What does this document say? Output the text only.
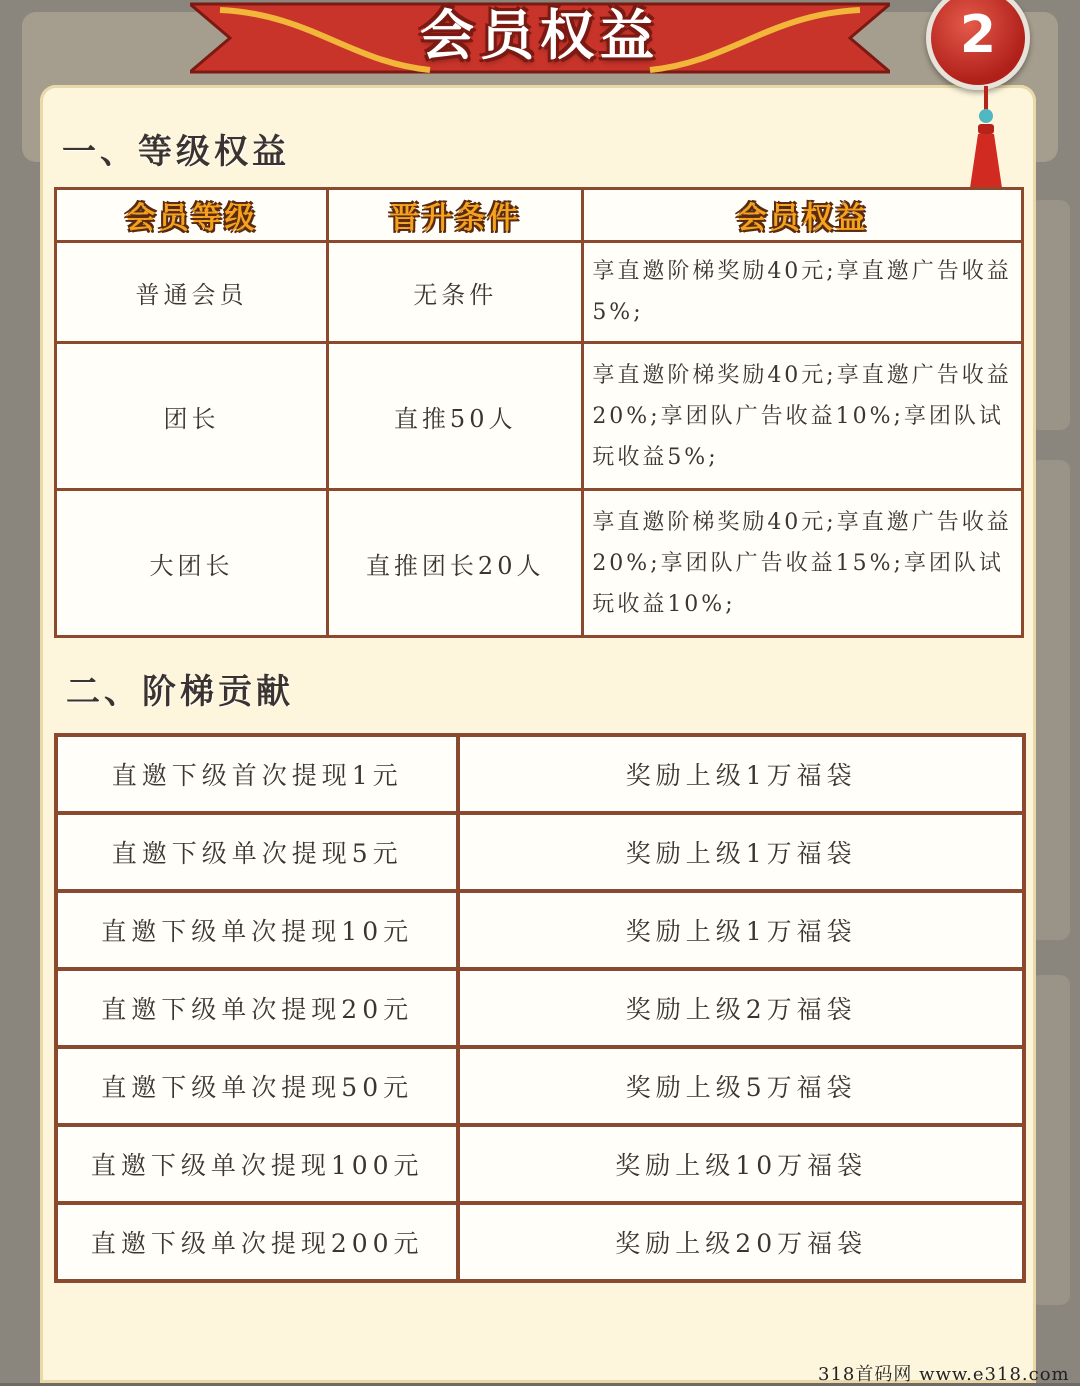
会员权益	2
一、等级权益
会员等级	晋升条件	会员权益
普通会员	无条件	享直邀阶梯奖励40元;享直邀广告收益5%;
团长	直推50人	享直邀阶梯奖励40元;享直邀广告收益20%;享团队广告收益10%;享团队试玩收益5%;
大团长	直推团长20人	享直邀阶梯奖励40元;享直邀广告收益20%;享团队广告收益15%;享团队试玩收益10%;
二、阶梯贡献
直邀下级首次提现1元	奖励上级1万福袋
直邀下级单次提现5元	奖励上级1万福袋
直邀下级单次提现10元	奖励上级1万福袋
直邀下级单次提现20元	奖励上级2万福袋
直邀下级单次提现50元	奖励上级5万福袋
直邀下级单次提现100元	奖励上级10万福袋
直邀下级单次提现200元	奖励上级20万福袋
318首码网 www.e318.com
